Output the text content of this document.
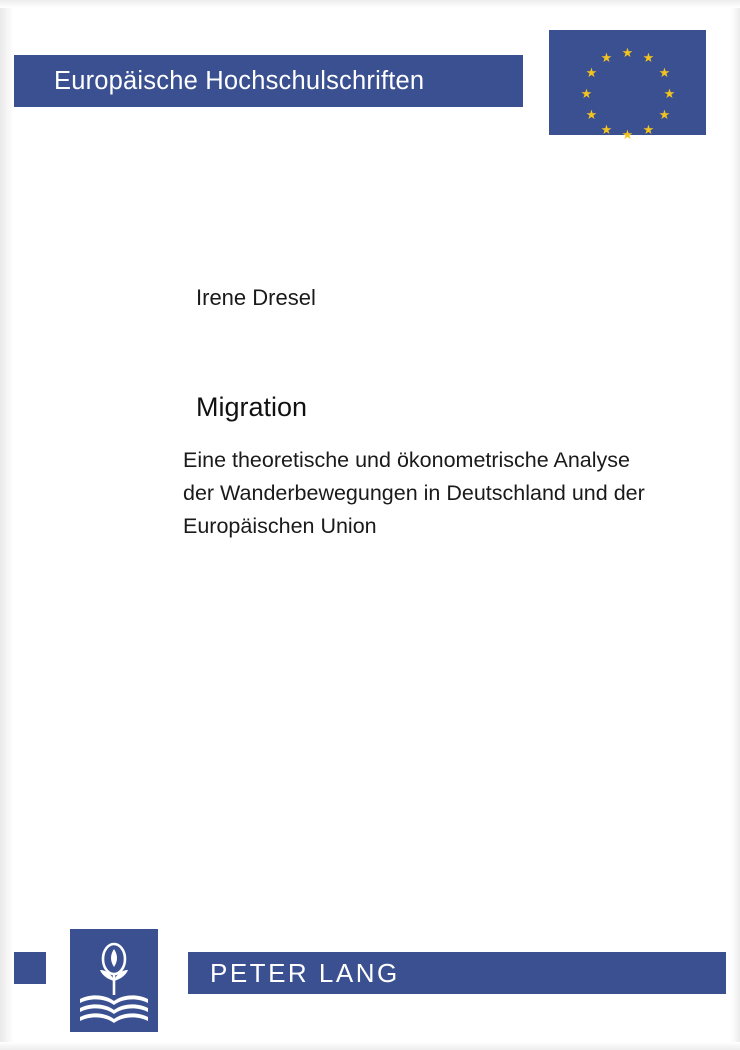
Europäische Hochschulschriften
★ ★
★
★
★
★
★
★
★
★
★
★
Irene Dresel
Migration
Eine theoretische und ökonometrische Analyse der Wanderbewegungen in Deutschland und der Europäischen Union
PETER LANG
